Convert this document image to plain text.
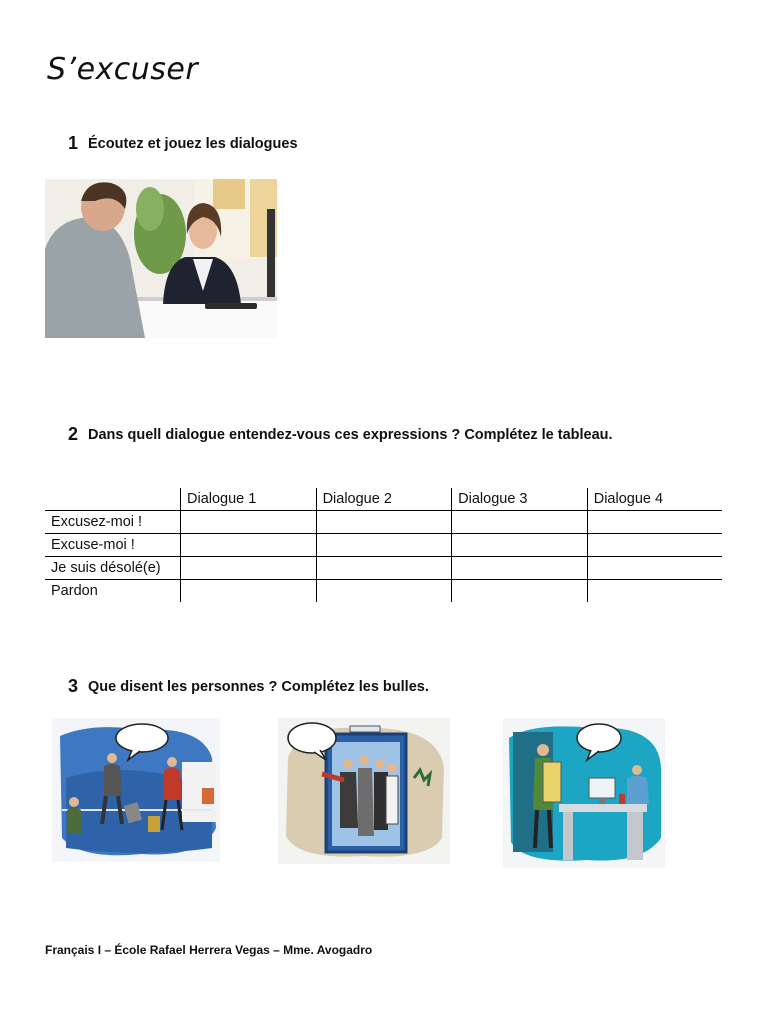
S’excuser
1 Écoutez et jouez les dialogues
2 Dans quell dialogue entendez-vous ces expressions ? Complétez le tableau.
	Dialogue 1	Dialogue 2	Dialogue 3	Dialogue 4
Excusez-moi !				
Excuse-moi !				
Je suis désolé(e)				
Pardon				
3 Que disent les personnes ? Complétez les bulles.
Français I – École Rafael Herrera Vegas – Mme. Avogadro
